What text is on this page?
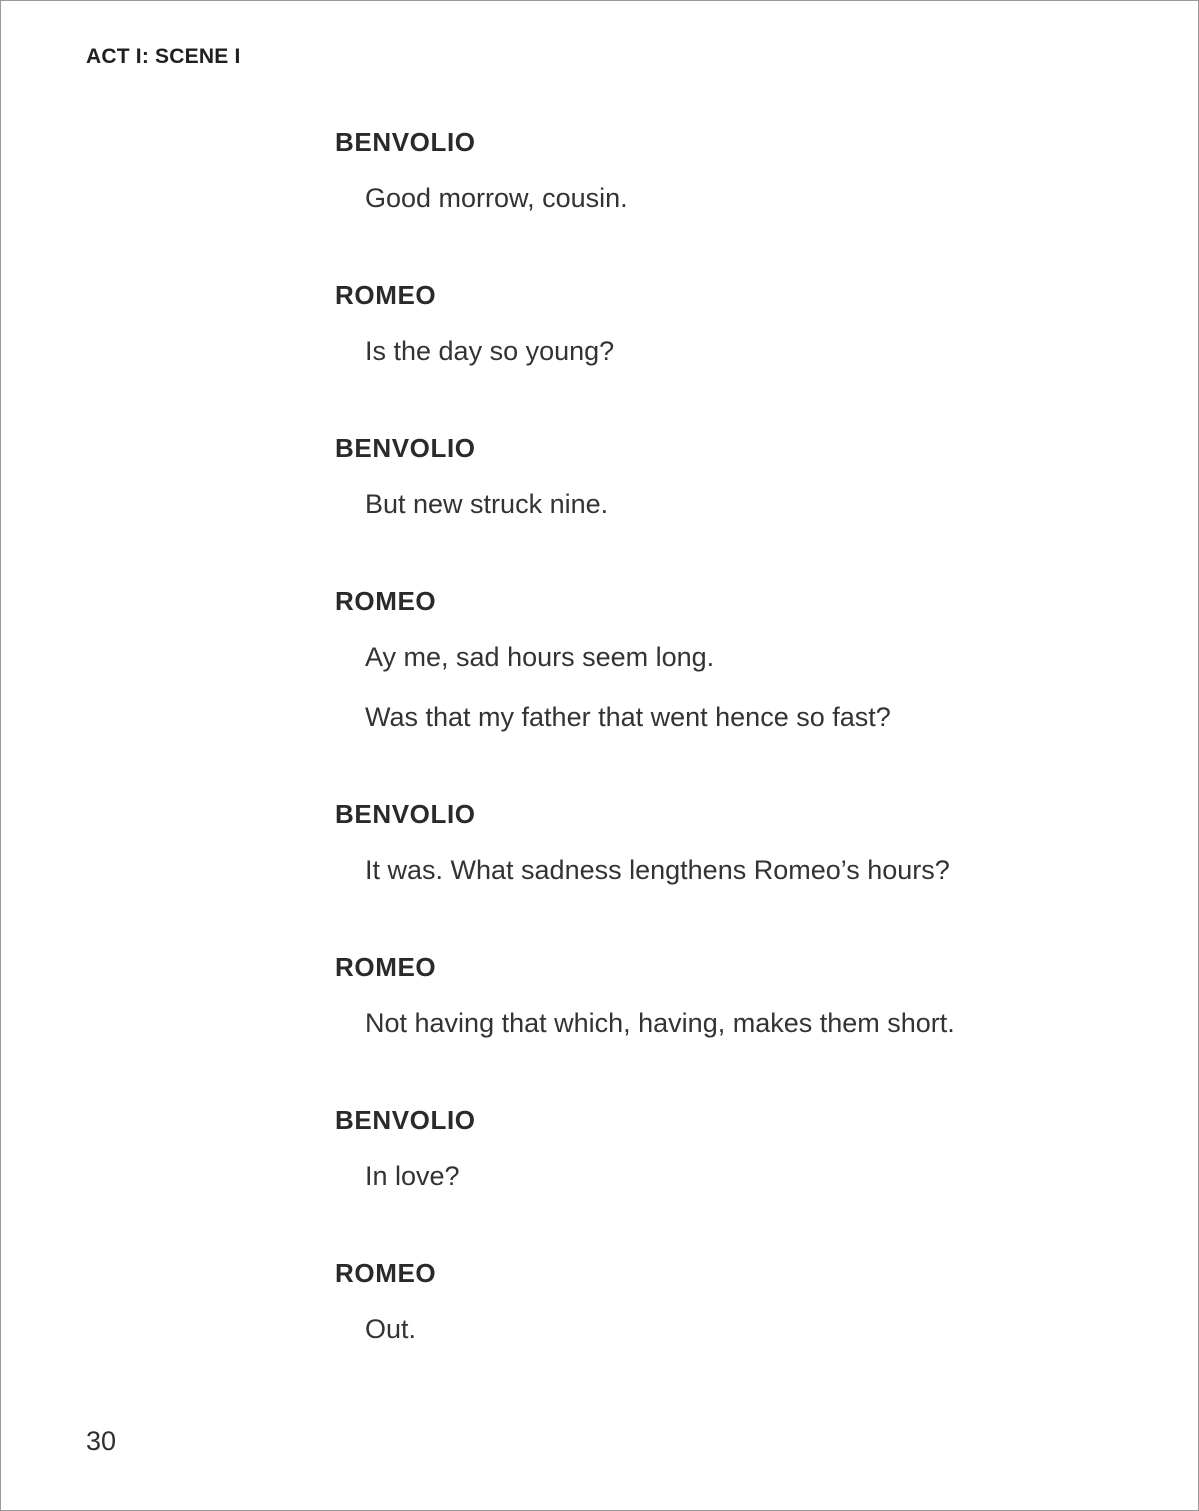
ACT I: SCENE I
BENVOLIO
Good morrow, cousin.
ROMEO
Is the day so young?
BENVOLIO
But new struck nine.
ROMEO
Ay me, sad hours seem long.
Was that my father that went hence so fast?
BENVOLIO
It was. What sadness lengthens Romeo’s hours?
ROMEO
Not having that which, having, makes them short.
BENVOLIO
In love?
ROMEO
Out.
30
